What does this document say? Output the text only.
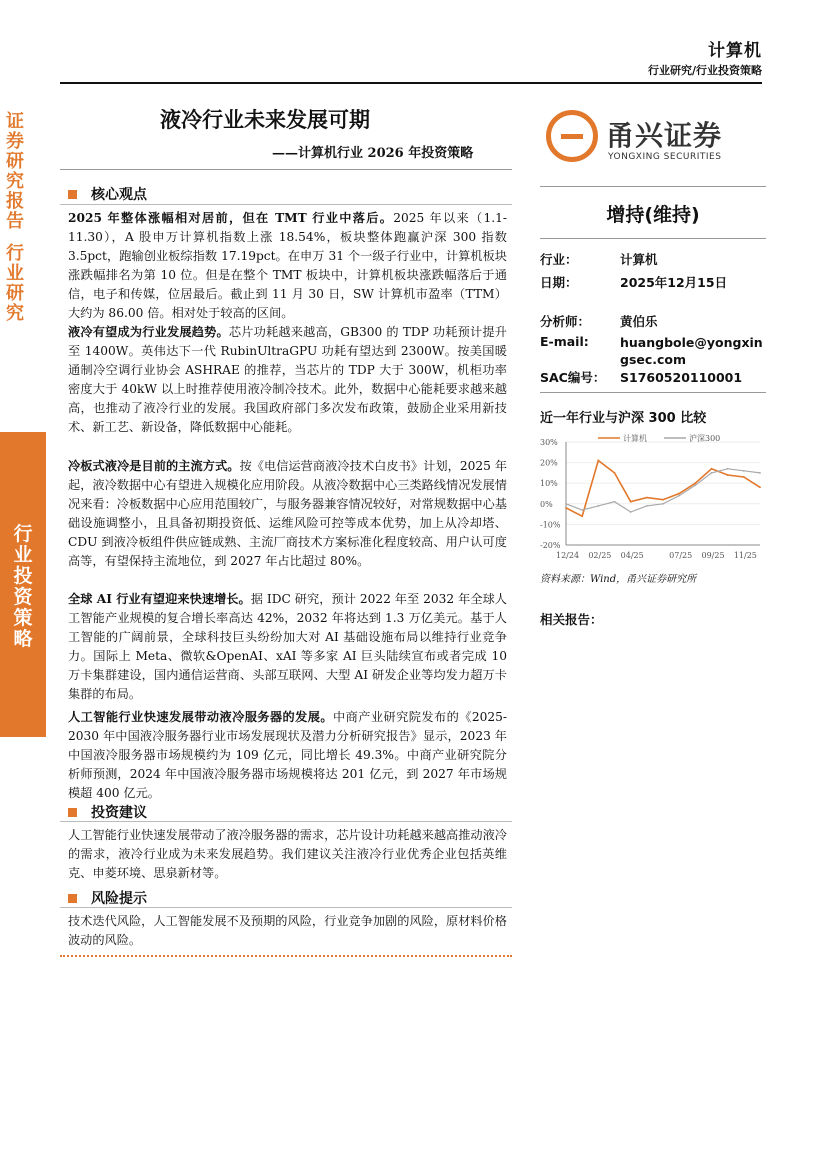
计算机
行业研究/行业投资策略
证
券
研
究
报
告

行
业
研
究
行
业
投
资
策
略
液冷行业未来发展可期
——计算机行业 2026 年投资策略
甬兴证券
YONGXING SECURITIES
核心观点
2025 年整体涨幅相对居前，但在 TMT 行业中落后。2025 年以来（1.1-11.30），A 股申万计算机指数上涨 18.54%，板块整体跑赢沪深 300 指数 3.5pct，跑输创业板综指数 17.19pct。在申万 31 个一级子行业中，计算机板块涨跌幅排名为第 10 位。但是在整个 TMT 板块中，计算机板块涨跌幅落后于通信，电子和传媒，位居最后。截止到 11 月 30 日，SW 计算机市盈率（TTM）大约为 86.00 倍。相对处于较高的区间。
液冷有望成为行业发展趋势。芯片功耗越来越高，GB300 的 TDP 功耗预计提升至 1400W。英伟达下一代 RubinUltraGPU 功耗有望达到 2300W。按美国暖通制冷空调行业协会 ASHRAE 的推荐，当芯片的 TDP 大于 300W，机柜功率密度大于 40kW 以上时推荐使用液冷制冷技术。此外，数据中心能耗要求越来越高，也推动了液冷行业的发展。我国政府部门多次发布政策，鼓励企业采用新技术、新工艺、新设备，降低数据中心能耗。
冷板式液冷是目前的主流方式。按《电信运营商液冷技术白皮书》计划，2025 年起，液冷数据中心有望进入规模化应用阶段。从液冷数据中心三类路线情况发展情况来看：冷板数据中心应用范围较广，与服务器兼容情况较好，对常规数据中心基础设施调整小，且具备初期投资低、运维风险可控等成本优势，加上从冷却塔、CDU 到液冷板组件供应链成熟、主流厂商技术方案标准化程度较高、用户认可度高等，有望保持主流地位，到 2027 年占比超过 80%。
全球 AI 行业有望迎来快速增长。据 IDC 研究，预计 2022 年至 2032 年全球人工智能产业规模的复合增长率高达 42%，2032 年将达到 1.3 万亿美元。基于人工智能的广阔前景，全球科技巨头纷纷加大对 AI 基础设施布局以维持行业竞争力。国际上 Meta、微软&OpenAI、xAI 等多家 AI 巨头陆续宣布或者完成 10 万卡集群建设，国内通信运营商、头部互联网、大型 AI 研发企业等均发力超万卡集群的布局。
人工智能行业快速发展带动液冷服务器的发展。中商产业研究院发布的《2025-2030 年中国液冷服务器行业市场发展现状及潜力分析研究报告》显示，2023 年中国液冷服务器市场规模约为 109 亿元，同比增长 49.3%。中商产业研究院分析师预测，2024 年中国液冷服务器市场规模将达 201 亿元，到 2027 年市场规模超 400 亿元。
投资建议
人工智能行业快速发展带动了液冷服务器的需求，芯片设计功耗越来越高推动液冷的需求，液冷行业成为未来发展趋势。我们建议关注液冷行业优秀企业包括英维克、申菱环境、思泉新材等。
风险提示
技术迭代风险，人工智能发展不及预期的风险，行业竞争加剧的风险，原材料价格波动的风险。
增持(维持)
行业：	计算机
日期：	2025年12月15日
分析师： 黄伯乐
E-mail:	huangbole@yongxingsec.com
SAC编号： S1760520110001
近一年行业与沪深 300 比较
30%
20%
10%
0%
-10%
-20%
12/24 02/25 04/25	07/25 09/25 11/25
计算机	沪深300
资料来源：Wind，甬兴证券研究所
相关报告：
